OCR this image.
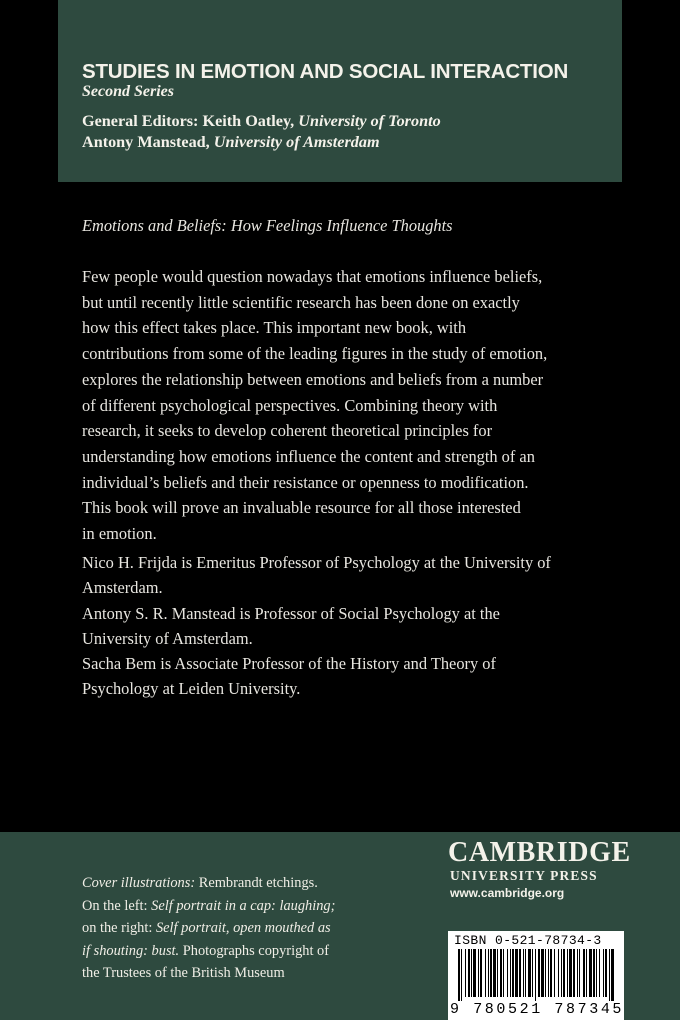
STUDIES IN EMOTION AND SOCIAL INTERACTION
Second Series
General Editors: Keith Oatley, University of Toronto
Antony Manstead, University of Amsterdam
Emotions and Beliefs: How Feelings Influence Thoughts
Few people would question nowadays that emotions influence beliefs,
but until recently little scientific research has been done on exactly
how this effect takes place. This important new book, with
contributions from some of the leading figures in the study of emotion,
explores the relationship between emotions and beliefs from a number
of different psychological perspectives. Combining theory with
research, it seeks to develop coherent theoretical principles for
understanding how emotions influence the content and strength of an
individual’s beliefs and their resistance or openness to modification.
This book will prove an invaluable resource for all those interested
in emotion.
Nico H. Frijda is Emeritus Professor of Psychology at the University of
Amsterdam.
Antony S. R. Manstead is Professor of Social Psychology at the
University of Amsterdam.
Sacha Bem is Associate Professor of the History and Theory of
Psychology at Leiden University.
Cover illustrations: Rembrandt etchings.
On the left: Self portrait in a cap: laughing;
on the right: Self portrait, open mouthed as
if shouting: bust. Photographs copyright of
the Trustees of the British Museum
CAMBRIDGE
UNIVERSITY PRESS
www.cambridge.org
ISBN 0-521-78734-3
9 780521 787345
